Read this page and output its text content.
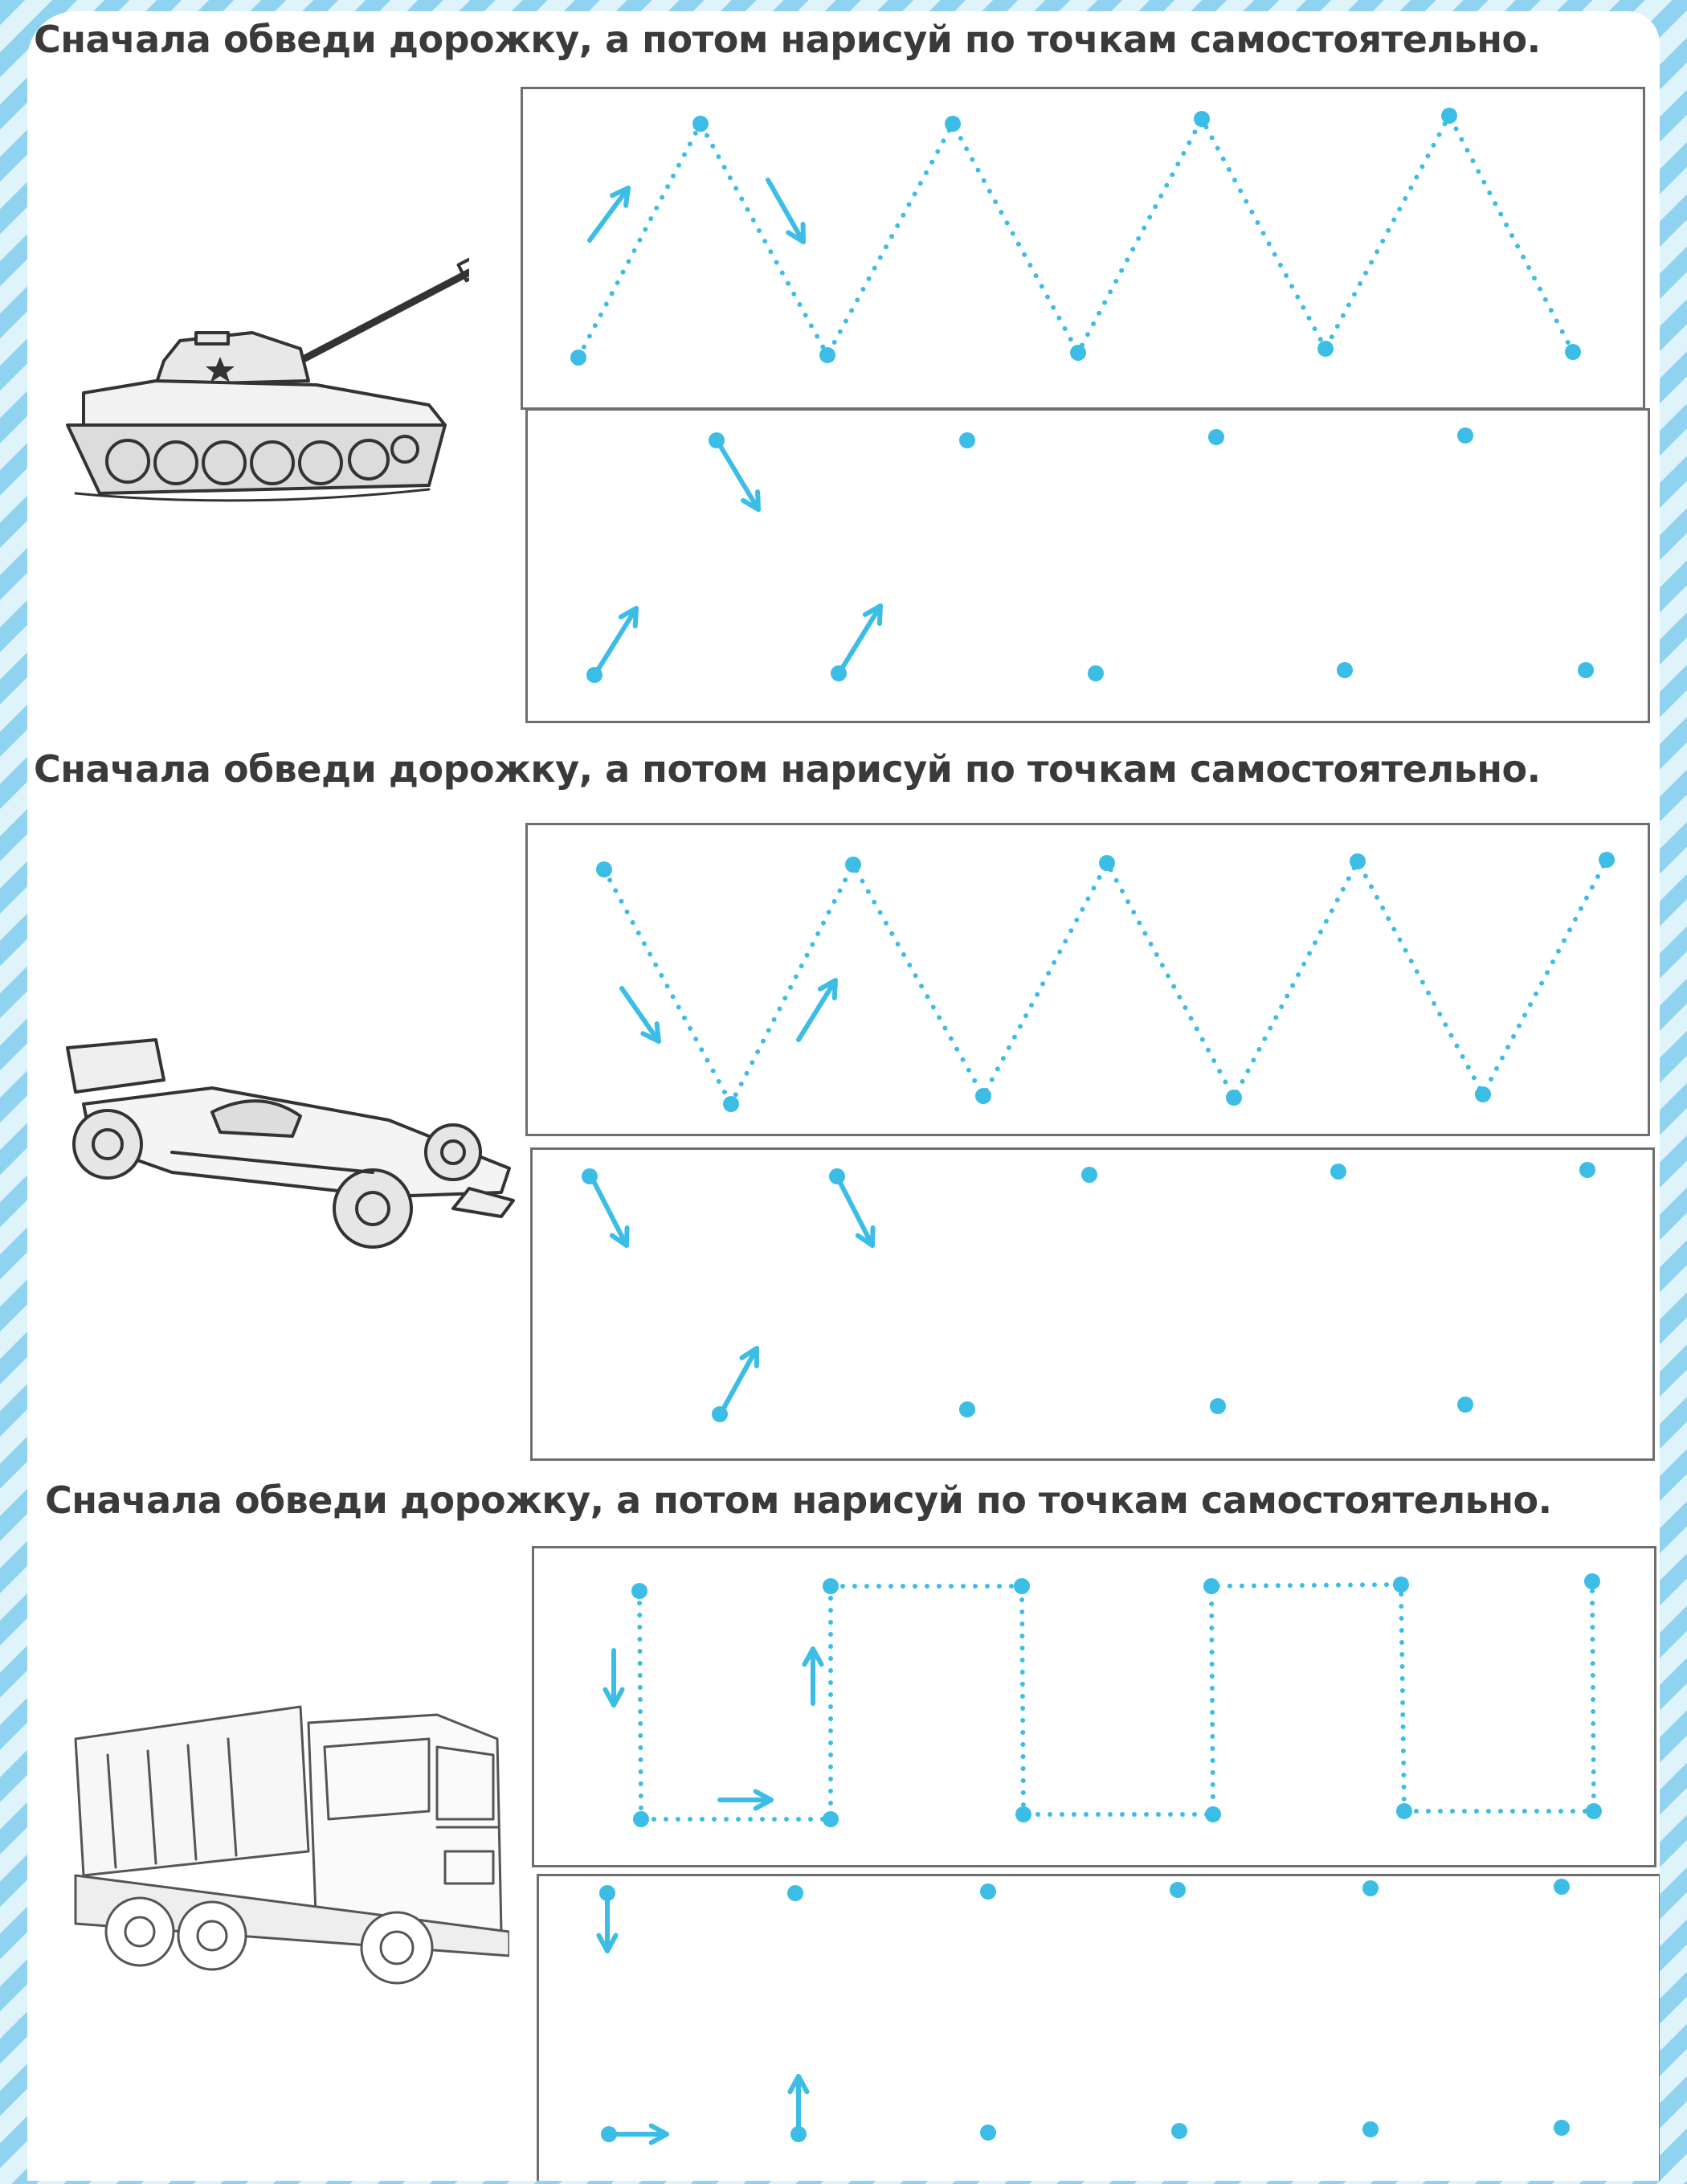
Сначала обведи дорожку, а потом нарисуй по точкам самостоятельно.
Сначала обведи дорожку, а потом нарисуй по точкам самостоятельно.
Сначала обведи дорожку, а потом нарисуй по точкам самостоятельно.
